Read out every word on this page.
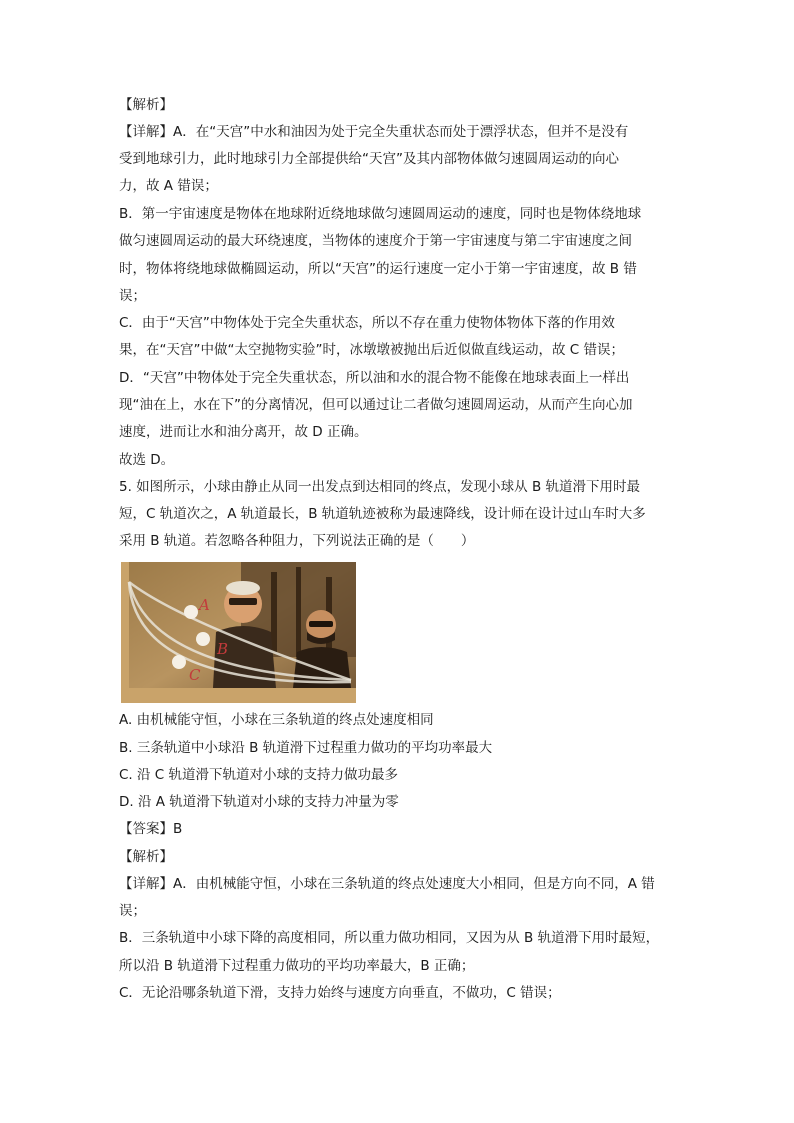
【解析】
【详解】A．在“天宫”中水和油因为处于完全失重状态而处于漂浮状态，但并不是没有
受到地球引力，此时地球引力全部提供给“天宫”及其内部物体做匀速圆周运动的向心
力，故 A 错误；
B．第一宇宙速度是物体在地球附近绕地球做匀速圆周运动的速度，同时也是物体绕地球
做匀速圆周运动的最大环绕速度，当物体的速度介于第一宇宙速度与第二宇宙速度之间
时，物体将绕地球做椭圆运动，所以“天宫”的运行速度一定小于第一宇宙速度，故 B 错
误；
C．由于“天宫”中物体处于完全失重状态，所以不存在重力使物体物体下落的作用效
果，在“天宫”中做“太空抛物实验”时，冰墩墩被抛出后近似做直线运动，故 C 错误；
D．“天宫”中物体处于完全失重状态，所以油和水的混合物不能像在地球表面上一样出
现“油在上，水在下”的分离情况，但可以通过让二者做匀速圆周运动，从而产生向心加
速度，进而让水和油分离开，故 D 正确。
故选 D。
5. 如图所示，小球由静止从同一出发点到达相同的终点，发现小球从 B 轨道滑下用时最
短，C 轨道次之，A 轨道最长，B 轨道轨迹被称为最速降线，设计师在设计过山车时大多
采用 B 轨道。若忽略各种阻力，下列说法正确的是（　　）
A
B
C
A. 由机械能守恒，小球在三条轨道的终点处速度相同
B. 三条轨道中小球沿 B 轨道滑下过程重力做功的平均功率最大
C. 沿 C 轨道滑下轨道对小球的支持力做功最多
D. 沿 A 轨道滑下轨道对小球的支持力冲量为零
【答案】B
【解析】
【详解】A．由机械能守恒，小球在三条轨道的终点处速度大小相同，但是方向不同，A 错
误；
B．三条轨道中小球下降的高度相同，所以重力做功相同，又因为从 B 轨道滑下用时最短，
所以沿 B 轨道滑下过程重力做功的平均功率最大，B 正确；
C．无论沿哪条轨道下滑，支持力始终与速度方向垂直，不做功，C 错误；
